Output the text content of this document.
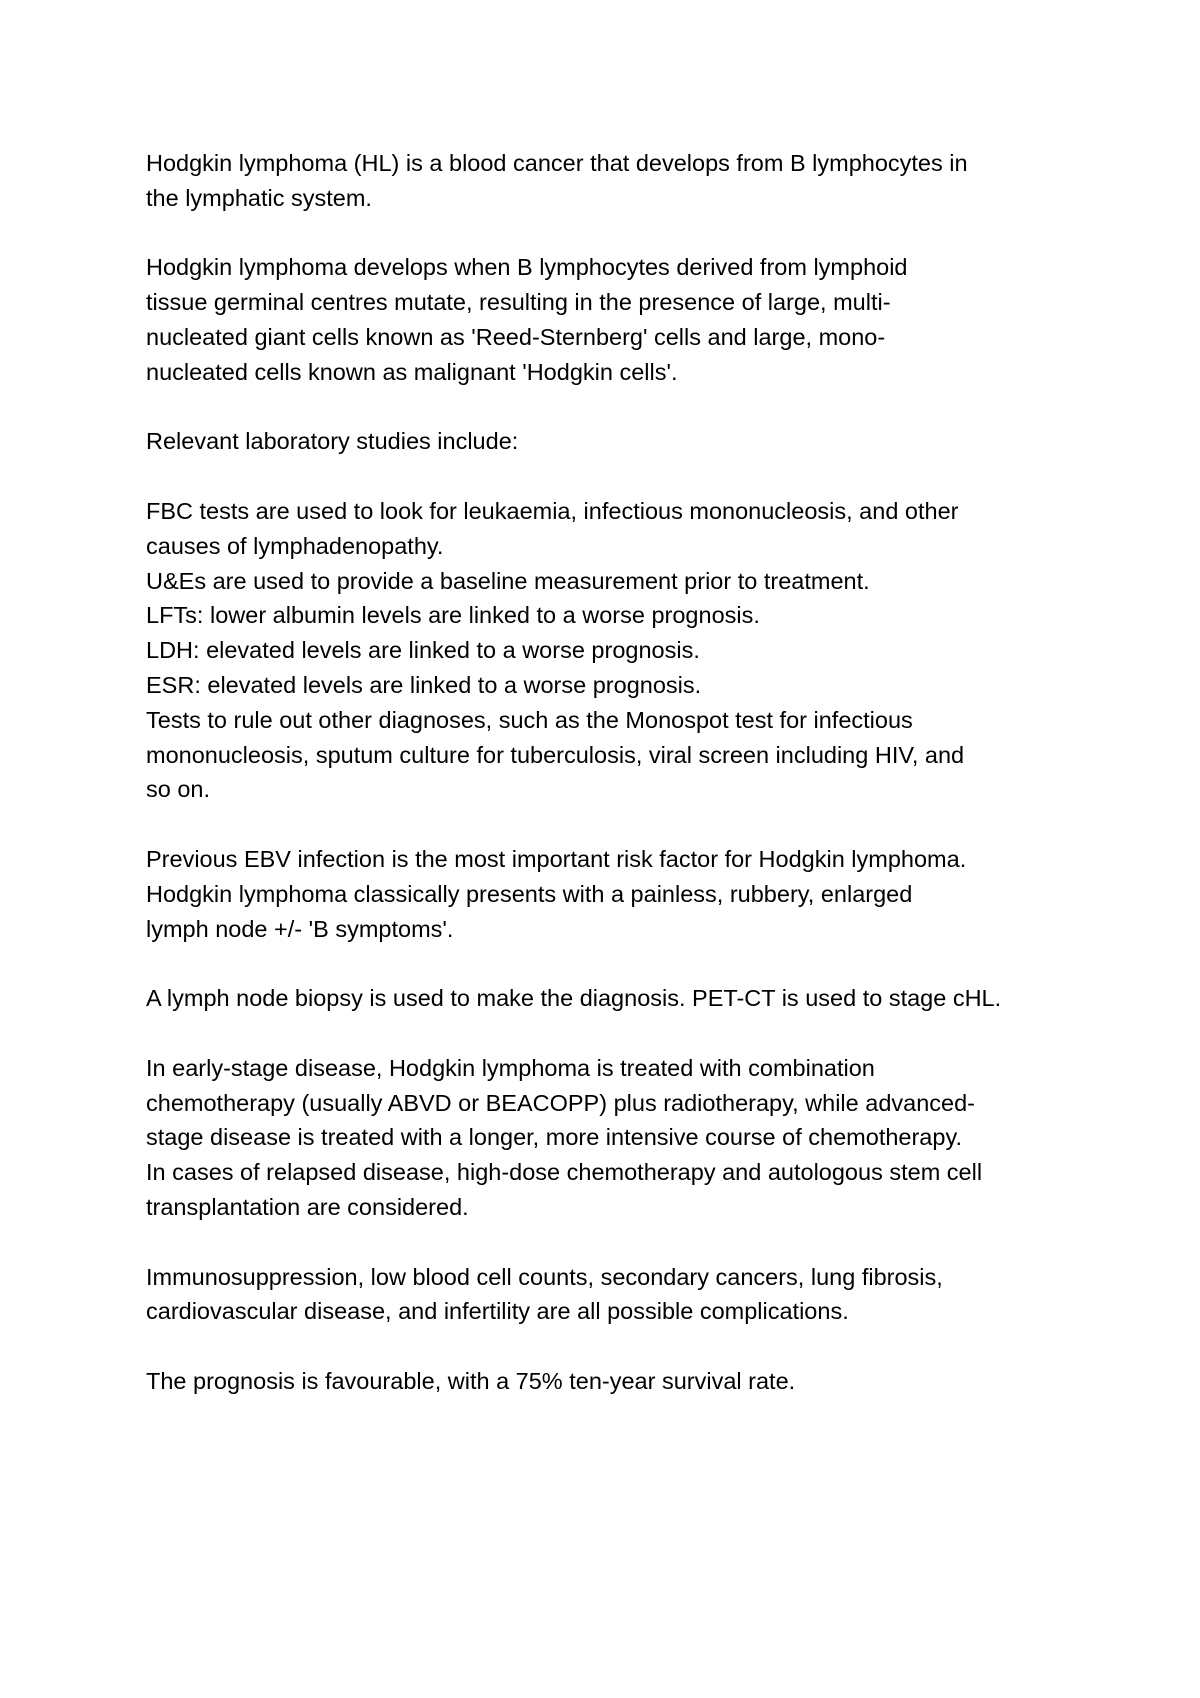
Hodgkin lymphoma (HL) is a blood cancer that develops from B lymphocytes in
the lymphatic system.

Hodgkin lymphoma develops when B lymphocytes derived from lymphoid
tissue germinal centres mutate, resulting in the presence of large, multi-
nucleated giant cells known as 'Reed-Sternberg' cells and large, mono-
nucleated cells known as malignant 'Hodgkin cells'.

Relevant laboratory studies include:

FBC tests are used to look for leukaemia, infectious mononucleosis, and other
causes of lymphadenopathy.
U&Es are used to provide a baseline measurement prior to treatment.
LFTs: lower albumin levels are linked to a worse prognosis.
LDH: elevated levels are linked to a worse prognosis.
ESR: elevated levels are linked to a worse prognosis.
Tests to rule out other diagnoses, such as the Monospot test for infectious
mononucleosis, sputum culture for tuberculosis, viral screen including HIV, and
so on.

Previous EBV infection is the most important risk factor for Hodgkin lymphoma.
Hodgkin lymphoma classically presents with a painless, rubbery, enlarged
lymph node +/- 'B symptoms'.

A lymph node biopsy is used to make the diagnosis. PET-CT is used to stage cHL.

In early-stage disease, Hodgkin lymphoma is treated with combination
chemotherapy (usually ABVD or BEACOPP) plus radiotherapy, while advanced-
stage disease is treated with a longer, more intensive course of chemotherapy.
In cases of relapsed disease, high-dose chemotherapy and autologous stem cell
transplantation are considered.

Immunosuppression, low blood cell counts, secondary cancers, lung fibrosis,
cardiovascular disease, and infertility are all possible complications.

The prognosis is favourable, with a 75% ten-year survival rate.
